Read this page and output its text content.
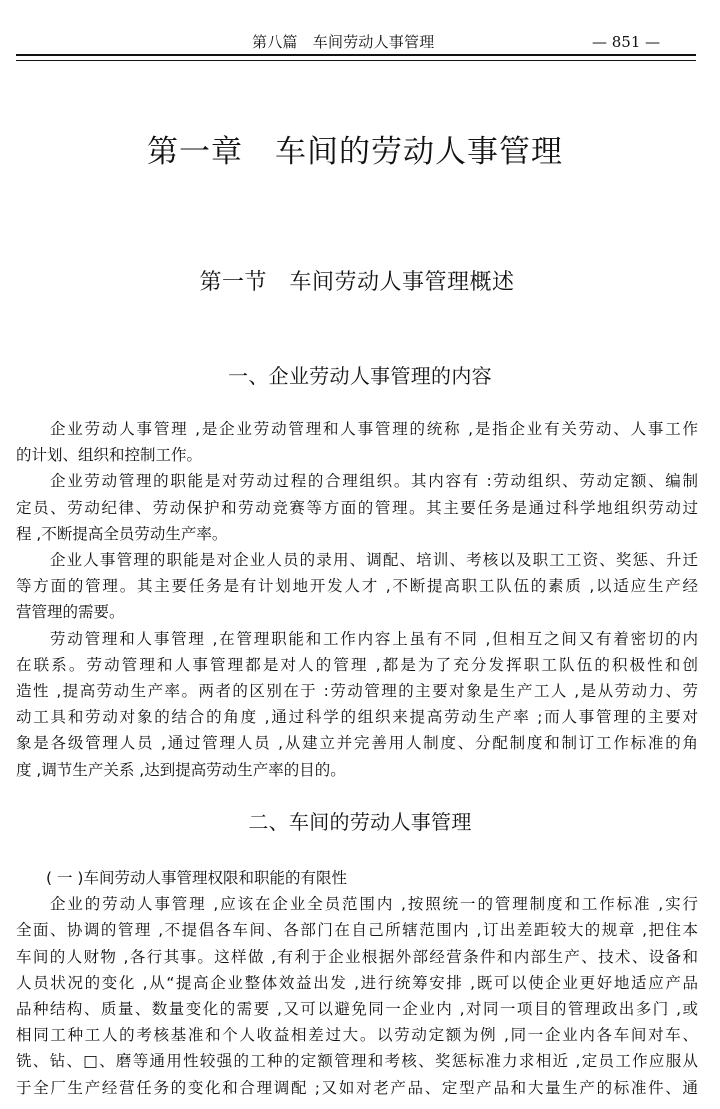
第八篇　车间劳动人事管理	— 851 —
第一章　车间的劳动人事管理
第一节　车间劳动人事管理概述
一、企业劳动人事管理的内容
企业劳动人事管理 ,是企业劳动管理和人事管理的统称 ,是指企业有关劳动、人事工作
的计划、组织和控制工作。
企业劳动管理的职能是对劳动过程的合理组织。其内容有 :劳动组织、劳动定额、编制
定员、劳动纪律、劳动保护和劳动竞赛等方面的管理。其主要任务是通过科学地组织劳动过
程 ,不断提高全员劳动生产率。
企业人事管理的职能是对企业人员的录用、调配、培训、考核以及职工工资、奖惩、升迁
等方面的管理。其主要任务是有计划地开发人才 ,不断提高职工队伍的素质 ,以适应生产经
营管理的需要。
劳动管理和人事管理 ,在管理职能和工作内容上虽有不同 ,但相互之间又有着密切的内
在联系。劳动管理和人事管理都是对人的管理 ,都是为了充分发挥职工队伍的积极性和创
造性 ,提高劳动生产率。两者的区别在于 :劳动管理的主要对象是生产工人 ,是从劳动力、劳
动工具和劳动对象的结合的角度 ,通过科学的组织来提高劳动生产率 ;而人事管理的主要对
象是各级管理人员 ,通过管理人员 ,从建立并完善用人制度、分配制度和制订工作标准的角
度 ,调节生产关系 ,达到提高劳动生产率的目的。
二、车间的劳动人事管理
( 一 )车间劳动人事管理权限和职能的有限性
企业的劳动人事管理 ,应该在企业全员范围内 ,按照统一的管理制度和工作标准 ,实行
全面、协调的管理 ,不提倡各车间、各部门在自己所辖范围内 ,订出差距较大的规章 ,把住本
车间的人财物 ,各行其事。这样做 ,有利于企业根据外部经营条件和内部生产、技术、设备和
人员状况的变化 ,从“提高企业整体效益出发 ,进行统筹安排 ,既可以使企业更好地适应产品
品种结构、质量、数量变化的需要 ,又可以避免同一企业内 ,对同一项目的管理政出多门 ,或
相同工种工人的考核基准和个人收益相差过大。以劳动定额为例 ,同一企业内各车间对车、
铣、钻、□、磨等通用性较强的工种的定额管理和考核、奖惩标准力求相近 ,定员工作应服从
于全厂生产经营任务的变化和合理调配 ;又如对老产品、定型产品和大量生产的标准件、通
